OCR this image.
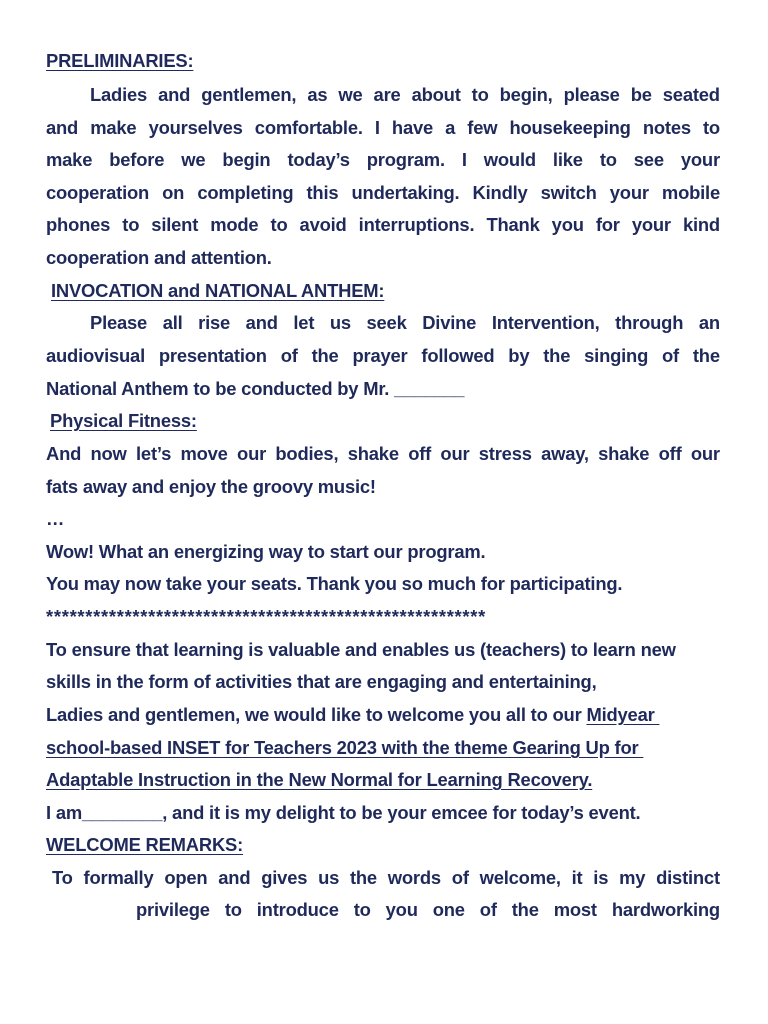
PRELIMINARIES:
Ladies and gentlemen, as we are about to begin, please be seated
and make yourselves comfortable. I have a few housekeeping notes to
make before we begin today’s program. I would like to see your
cooperation on completing this undertaking. Kindly switch your mobile
phones to silent mode to avoid interruptions. Thank you for your kind
cooperation and attention.
INVOCATION and NATIONAL ANTHEM:
Please all rise and let us seek Divine Intervention, through an
audiovisual presentation of the prayer followed by the singing of the
National Anthem to be conducted by Mr. _______
Physical Fitness:
And now let’s move our bodies, shake off our stress away, shake off our
fats away and enjoy the groovy music!
…
Wow! What an energizing way to start our program.
You may now take your seats. Thank you so much for participating.
********************************************************
To ensure that learning is valuable and enables us (teachers) to learn new
skills in the form of activities that are engaging and entertaining,
Ladies and gentlemen, we would like to welcome you all to our Midyear
school-based INSET for Teachers 2023 with the theme Gearing Up for
Adaptable Instruction in the New Normal for Learning Recovery.
I am________, and it is my delight to be your emcee for today’s event.
WELCOME REMARKS:
To formally open and gives us the words of welcome, it is my distinct
privilege to introduce to you one of the most hardworking
